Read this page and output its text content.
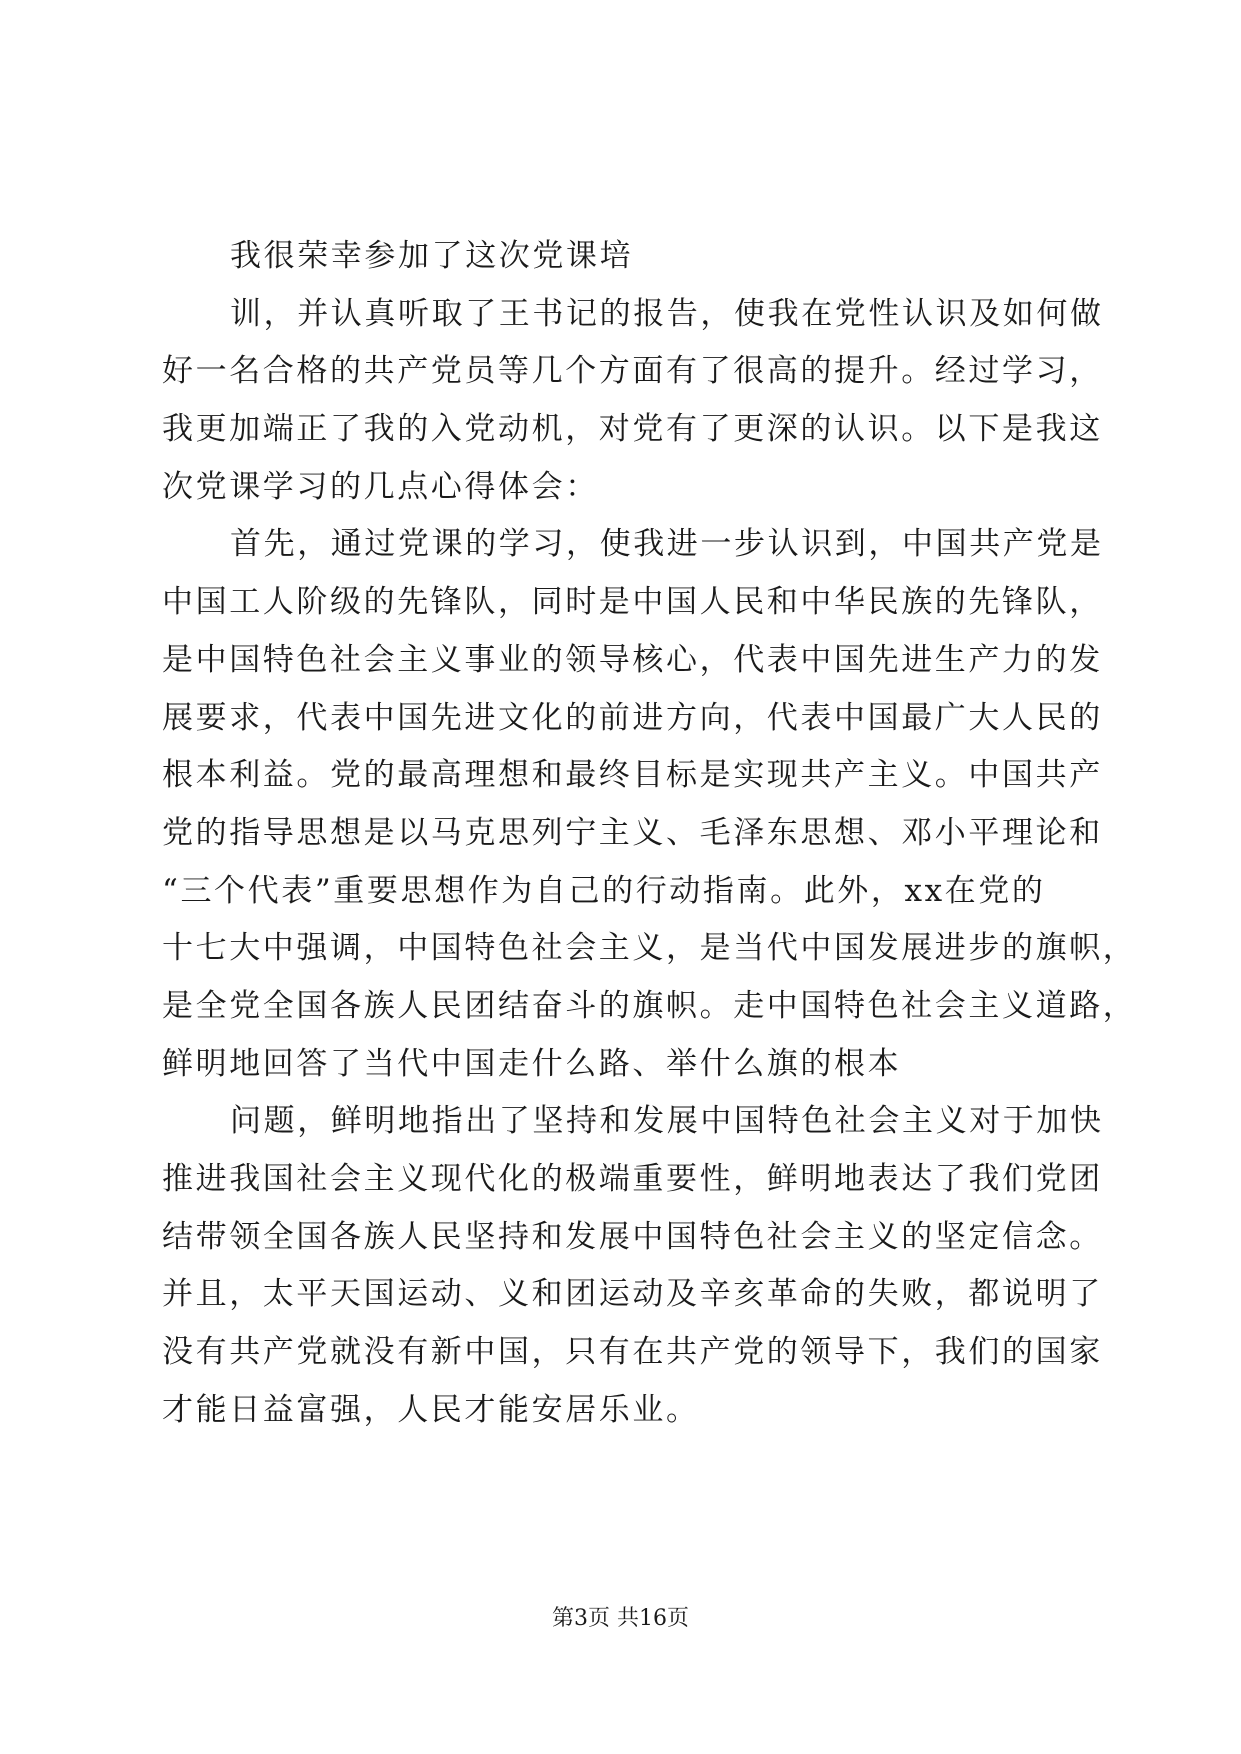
我很荣幸参加了这次党课培
训，并认真听取了王书记的报告，使我在党性认识及如何做
好一名合格的共产党员等几个方面有了很高的提升。经过学习，
我更加端正了我的入党动机，对党有了更深的认识。以下是我这
次党课学习的几点心得体会：
首先，通过党课的学习，使我进一步认识到，中国共产党是
中国工人阶级的先锋队，同时是中国人民和中华民族的先锋队，
是中国特色社会主义事业的领导核心，代表中国先进生产力的发
展要求，代表中国先进文化的前进方向，代表中国最广大人民的
根本利益。党的最高理想和最终目标是实现共产主义。中国共产
党的指导思想是以马克思列宁主义、毛泽东思想、邓小平理论和
“三个代表”重要思想作为自己的行动指南。此外，xx在党的
十七大中强调，中国特色社会主义，是当代中国发展进步的旗帜，
是全党全国各族人民团结奋斗的旗帜。走中国特色社会主义道路，
鲜明地回答了当代中国走什么路、举什么旗的根本
问题，鲜明地指出了坚持和发展中国特色社会主义对于加快
推进我国社会主义现代化的极端重要性，鲜明地表达了我们党团
结带领全国各族人民坚持和发展中国特色社会主义的坚定信念。
并且，太平天国运动、义和团运动及辛亥革命的失败，都说明了
没有共产党就没有新中国，只有在共产党的领导下，我们的国家
才能日益富强，人民才能安居乐业。
第3页 共16页
